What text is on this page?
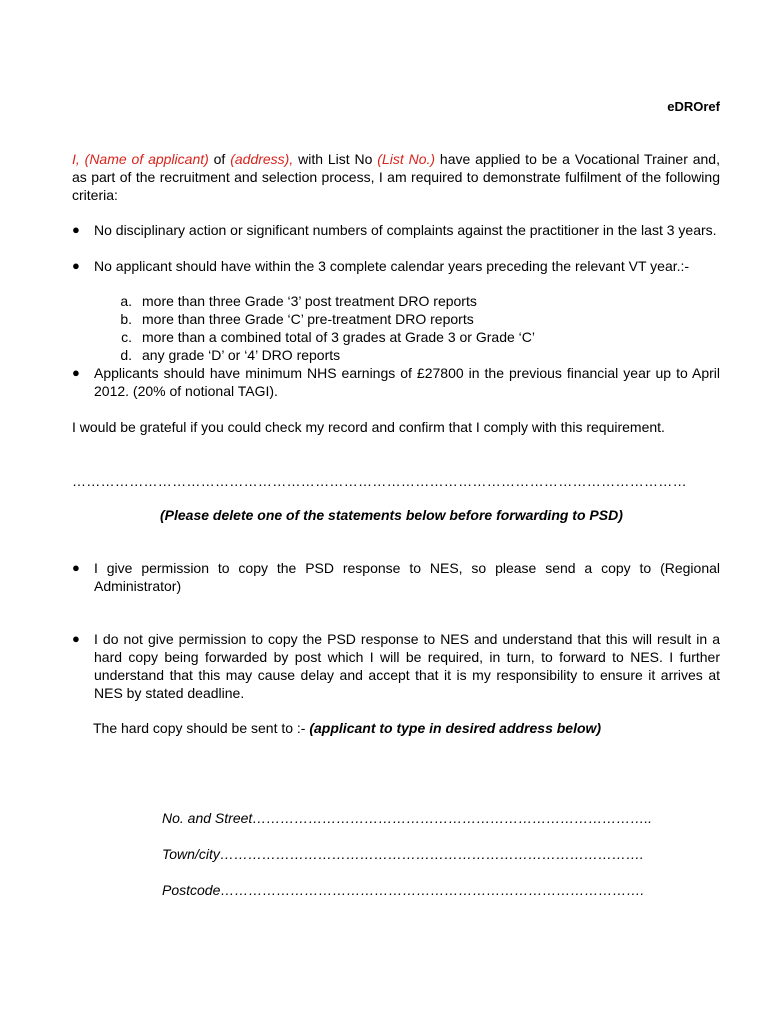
eDROref
I, (Name of applicant) of (address), with List No (List No.) have applied to be a Vocational Trainer and, as part of the recruitment and selection process, I am required to demonstrate fulfilment of the following criteria:
● No disciplinary action or significant numbers of complaints against the practitioner in the last 3 years.
● No applicant should have within the 3 complete calendar years preceding the relevant VT year.:-
a. more than three Grade ‘3’ post treatment DRO reports
b. more than three Grade ‘C’ pre-treatment DRO reports
c. more than a combined total of 3 grades at Grade 3 or Grade ‘C’
d. any grade ‘D’ or ‘4’ DRO reports
● Applicants should have minimum NHS earnings of £27800 in the previous financial year up to April 2012. (20% of notional TAGI).
I would be grateful if you could check my record and confirm that I comply with this requirement.
…………………………………………………………………………………………………………………
(Please delete one of the statements below before forwarding to PSD)
● I give permission to copy the PSD response to NES, so please send a copy to (Regional Administrator)
● I do not give permission to copy the PSD response to NES and understand that this will result in a hard copy being forwarded by post which I will be required, in turn, to forward to NES. I further understand that this may cause delay and accept that it is my responsibility to ensure it arrives at NES by stated deadline.
The hard copy should be sent to :- (applicant to type in desired address below)
No. and Street…………………………………………………………………………..
Town/city……………………………………………………………………………….
Postcode……………………………………………………………………………….
